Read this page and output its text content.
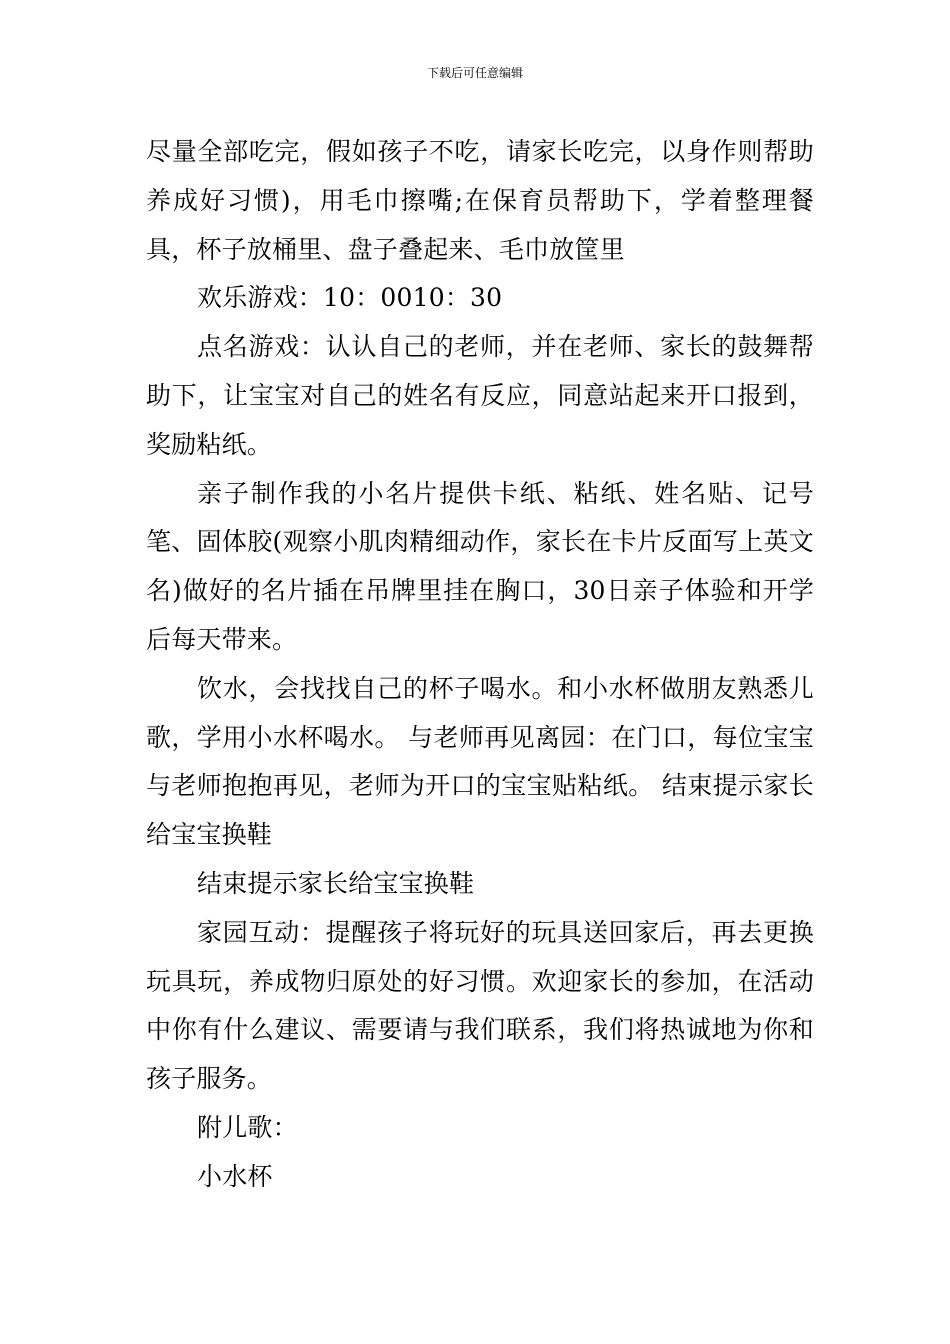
下载后可任意编辑

尽量全部吃完，假如孩子不吃，请家长吃完，以身作则帮助养成好习惯)，用毛巾擦嘴;在保育员帮助下，学着整理餐具，杯子放桶里、盘子叠起来、毛巾放筐里

欢乐游戏：10：0010：30

点名游戏：认认自己的老师，并在老师、家长的鼓舞帮助下，让宝宝对自己的姓名有反应，同意站起来开口报到，奖励粘纸。

亲子制作我的小名片提供卡纸、粘纸、姓名贴、记号笔、固体胶(观察小肌肉精细动作，家长在卡片反面写上英文名)做好的名片插在吊牌里挂在胸口，30日亲子体验和开学后每天带来。

饮水，会找找自己的杯子喝水。和小水杯做朋友熟悉儿歌，学用小水杯喝水。 与老师再见离园：在门口，每位宝宝与老师抱抱再见，老师为开口的宝宝贴粘纸。 结束提示家长给宝宝换鞋

结束提示家长给宝宝换鞋

家园互动：提醒孩子将玩好的玩具送回家后，再去更换玩具玩，养成物归原处的好习惯。欢迎家长的参加，在活动中你有什么建议、需要请与我们联系，我们将热诚地为你和孩子服务。

附儿歌：

小水杯
